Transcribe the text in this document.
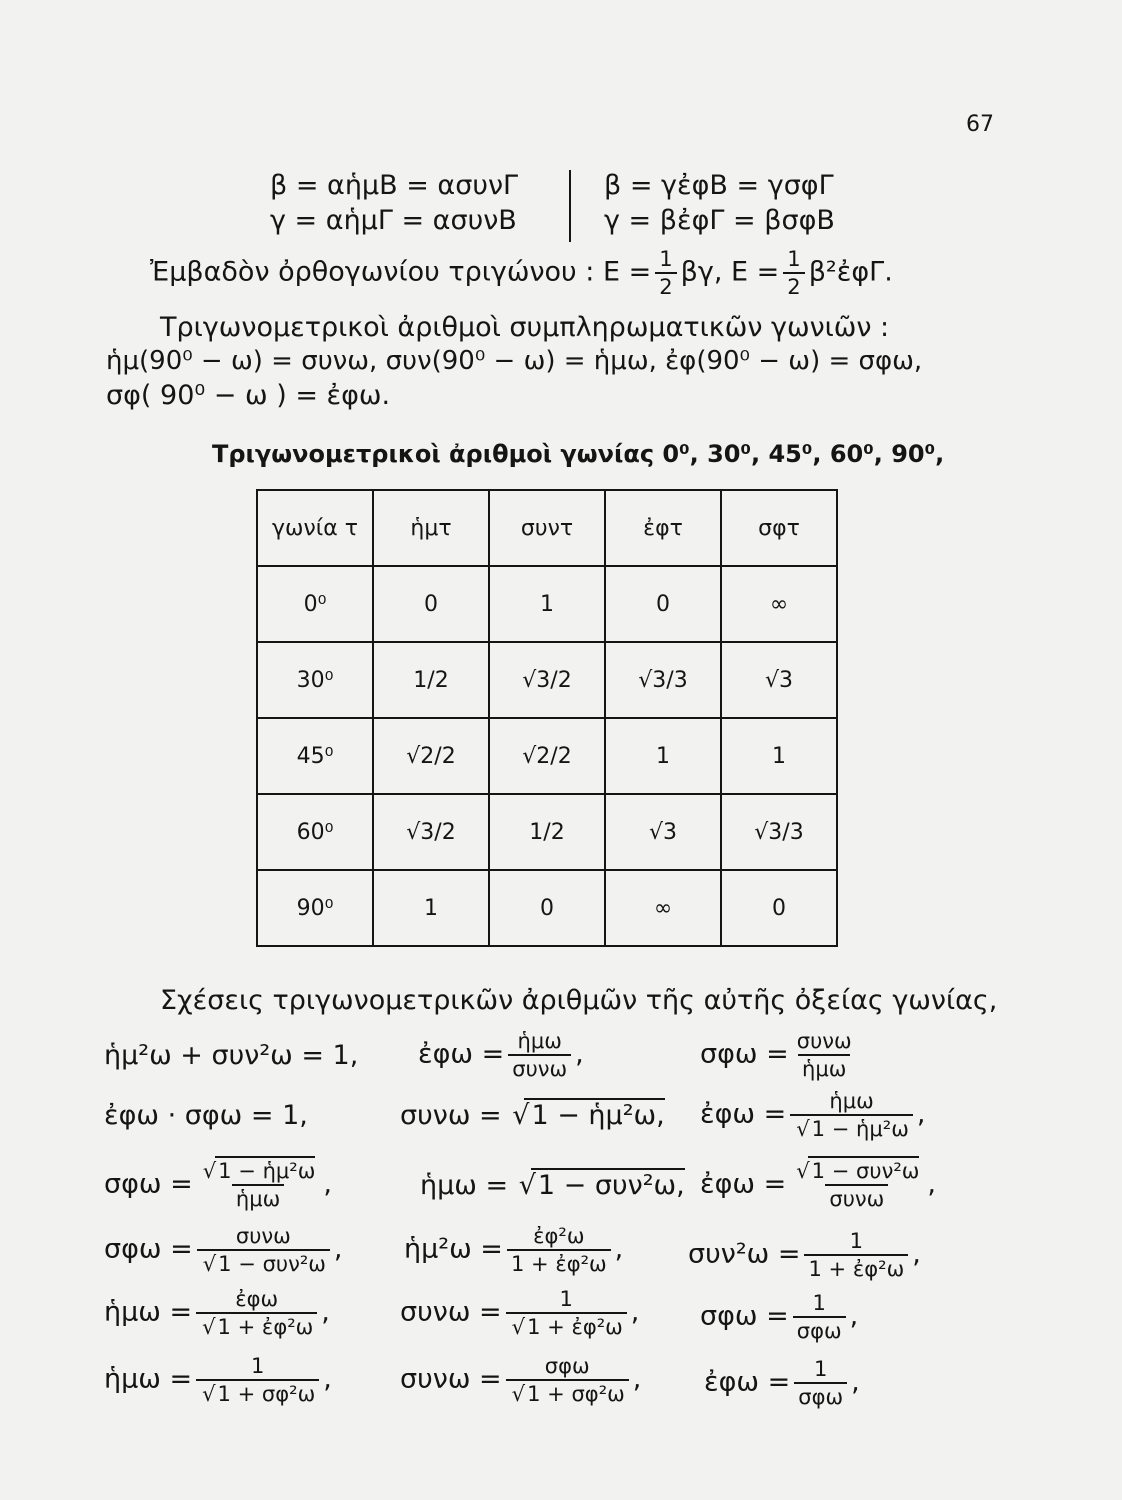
67
β = αἡμΒ = ασυνΓ	β = γἐφΒ = γσφΓ
γ = αἡμΓ = ασυνΒ	γ = βἐφΓ = βσφΒ
Ἐμβαδὸν ὀρθογωνίου τριγώνου : $E = \frac{1}{2} \beta\gamma$, $E = \frac{1}{2}$ β²ἐφΓ.
Τριγωνομετρικοὶ ἀριθμοὶ συμπληρωματικῶν γωνιῶν :
ἡμ(90⁰ − ω) = συνω, συν(90⁰ − ω) = ἡμω, ἐφ(90⁰ − ω) = σφω,
σφ( 90⁰ − ω ) = ἐφω.
Τριγωνομετρικοὶ ἀριθμοὶ γωνίας 0⁰, 30⁰, 45⁰, 60⁰, 90⁰,
γωνία τ	ἡμτ	συντ	ἐφτ	σφτ
0⁰	0	1	0	∞
30⁰	1/2	√3/2	√3/3	√3
45⁰	√2/2	√2/2	1	1
60⁰	√3/2	1/2	√3	√3/3
90⁰	1	0	∞	0
Σχέσεις τριγωνομετρικῶν ἀριθμῶν τῆς αὐτῆς ὀξείας γωνίας,
ἡμ²ω + συν²ω = 1, ἐφω = $\frac{\text{ἡμω}}{\text{συνω}}$ ,	$\sigma\varphi\omega = \frac{\text{συνω}}{\text{ἡμω}}$
ἐφω · σφω = 1,	συνω = √ 1 − ἡμ²ω, ἐφω = ἡμω
√ 1 − ἡμ²ω ,
σφω = √ $\frac{\text{1 − ἡμ²ω}}{\text{ἡμω}}$ ,	ἡμω = √ 1 − συν²ω, ἐφω = √ $\frac{\text{1 − συν²ω}}{\text{συνω}}$ ,
σφω = συνω
√ 1 − συν²ω , ἡμ²ω = $\frac{\text{ἐφ²ω}}{\text{1 + ἐφ²ω}}$ , $\sigma\upsilon\nu^2\omega = \frac{1}{\text{1 + ἐφ²ω}}$ ,
ἡμω = ἐφω
√ 1 + ἐφ²ω ,	συνω = 1
√ 1 + ἐφ²ω , $\sigma\varphi\omega = \frac{1}{\text{σφω}}$ ,
ἡμω = 1
√ 1 + σφ²ω ,	συνω = σφω
√ 1 + σφ²ω , ἐφω = $\frac{1}{\text{σφω}}$ ,
